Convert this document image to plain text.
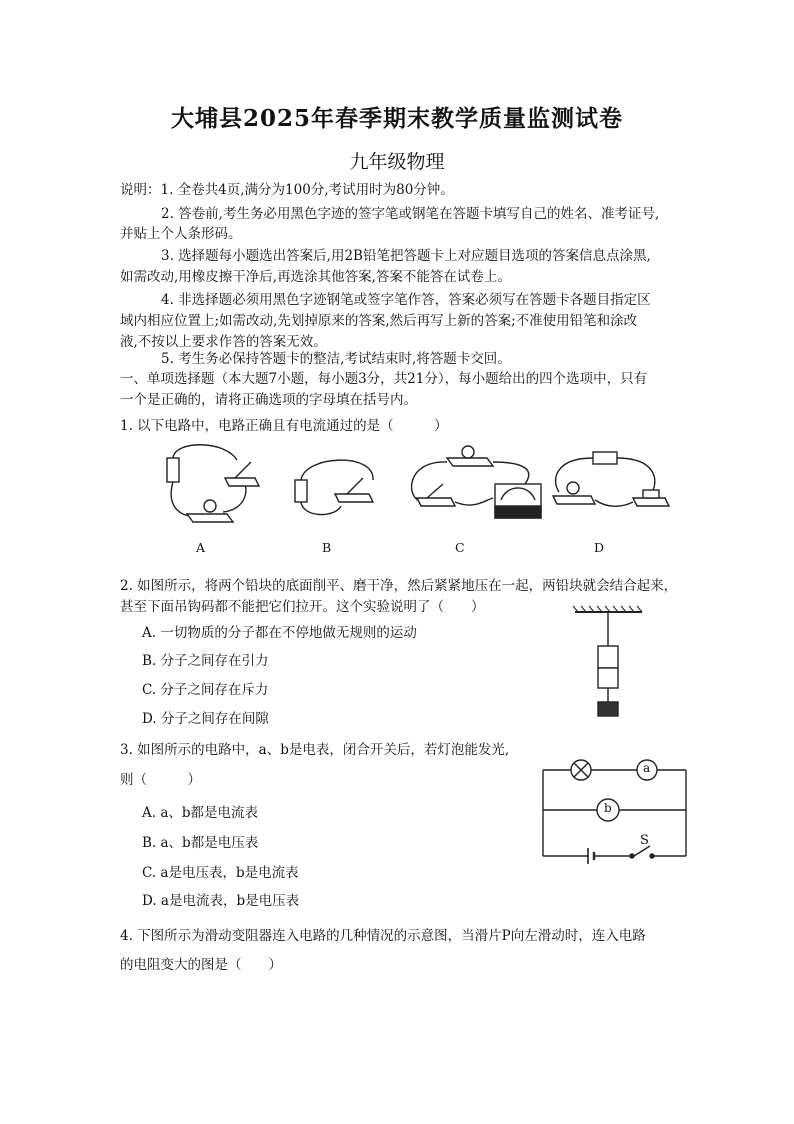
大埔县2025年春季期末教学质量监测试卷
九年级物理
说明：1. 全卷共4页,满分为100分,考试用时为80分钟。
2. 答卷前,考生务必用黑色字迹的签字笔或钢笔在答题卡填写自己的姓名、准考证号,
并贴上个人条形码。
3. 选择题每小题选出答案后,用2B铅笔把答题卡上对应题目选项的答案信息点涂黑,
如需改动,用橡皮擦干净后,再选涂其他答案,答案不能答在试卷上。
4. 非选择题必须用黑色字迹钢笔或签字笔作答，答案必须写在答题卡各题目指定区
域内相应位置上;如需改动,先划掉原来的答案,然后再写上新的答案;不准使用铅笔和涂改
液,不按以上要求作答的答案无效。
5. 考生务必保持答题卡的整洁,考试结束时,将答题卡交回。
一、单项选择题（本大题7小题，每小题3分，共21分），每小题给出的四个选项中，只有
一个是正确的，请将正确选项的字母填在括号内。
1. 以下电路中，电路正确且有电流通过的是（　　　）
A	B	C	D
2. 如图所示，将两个铅块的底面削平、磨干净，然后紧紧地压在一起，两铅块就会结合起来，
甚至下面吊钩码都不能把它们拉开。这个实验说明了（　　）
A. 一切物质的分子都在不停地做无规则的运动
B. 分子之间存在引力
C. 分子之间存在斥力
D. 分子之间存在间隙
3. 如图所示的电路中，a、b是电表，闭合开关后，若灯泡能发光,
则（　　　）
A. a、b都是电流表
B. a、b都是电压表
C. a是电压表，b是电流表
D. a是电流表，b是电压表
a
b
S
4. 下图所示为滑动变阻器连入电路的几种情况的示意图，当滑片P向左滑动时，连入电路
的电阻变大的图是（　　）
